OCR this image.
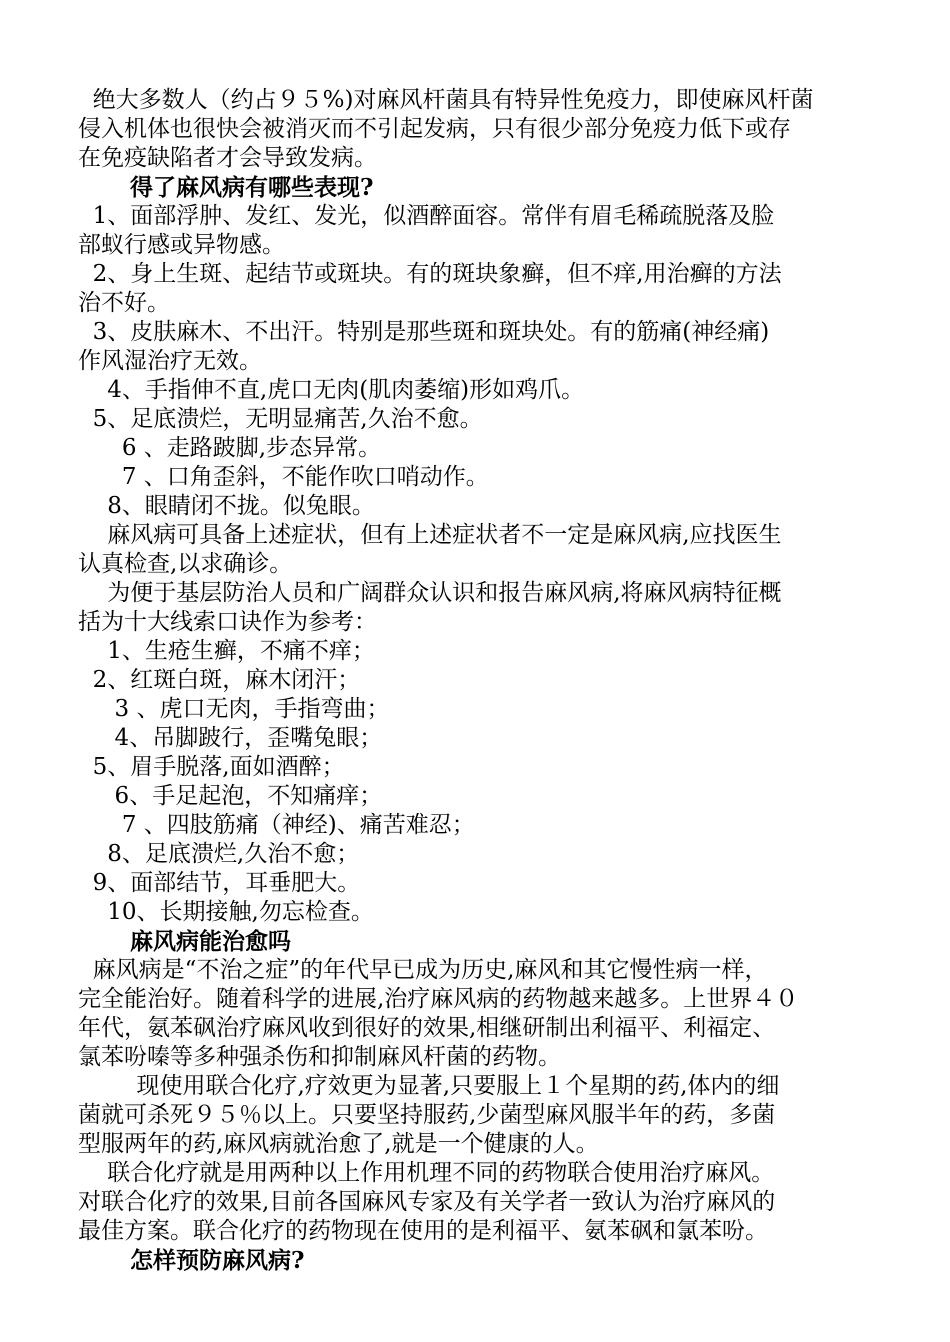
绝大多数人（约占９５%)对麻风杆菌具有特异性免疫力，即使麻风杆菌
侵入机体也很快会被消灭而不引起发病，只有很少部分免疫力低下或存
在免疫缺陷者才会导致发病。
得了麻风病有哪些表现?
1、面部浮肿、发红、发光，似酒醉面容。常伴有眉毛稀疏脱落及脸
部蚁行感或异物感。
2、身上生斑、起结节或斑块。有的斑块象癣，但不痒,用治癣的方法
治不好。
3、皮肤麻木、不出汗。特别是那些斑和斑块处。有的筋痛(神经痛)
作风湿治疗无效。
4、手指伸不直,虎口无肉(肌肉萎缩)形如鸡爪。
5、足底溃烂，无明显痛苦,久治不愈。
6 、走路跛脚,步态异常。
7 、口角歪斜，不能作吹口哨动作。
8、眼睛闭不拢。似兔眼。
麻风病可具备上述症状，但有上述症状者不一定是麻风病,应找医生
认真检查,以求确诊。
为便于基层防治人员和广阔群众认识和报告麻风病,将麻风病特征概
括为十大线索口诀作为参考：
1、生疮生癣，不痛不痒；
2、红斑白斑，麻木闭汗；
3 、虎口无肉，手指弯曲；
4、吊脚跛行，歪嘴兔眼；
5、眉手脱落,面如酒醉；
6、手足起泡，不知痛痒；
7 、四肢筋痛（神经)、痛苦难忍；
8、足底溃烂,久治不愈；
9、面部结节，耳垂肥大。
10、长期接触,勿忘检查。
麻风病能治愈吗
麻风病是“不治之症”的年代早已成为历史,麻风和其它慢性病一样，
完全能治好。随着科学的进展,治疗麻风病的药物越来越多。上世界４０
年代，氨苯砜治疗麻风收到很好的效果,相继研制出利福平、利福定、
氯苯吩嗪等多种强杀伤和抑制麻风杆菌的药物。
现使用联合化疗,疗效更为显著,只要服上１个星期的药,体内的细
菌就可杀死９５％以上。只要坚持服药,少菌型麻风服半年的药，多菌
型服两年的药,麻风病就治愈了,就是一个健康的人。
联合化疗就是用两种以上作用机理不同的药物联合使用治疗麻风。
对联合化疗的效果,目前各国麻风专家及有关学者一致认为治疗麻风的
最佳方案。联合化疗的药物现在使用的是利福平、氨苯砜和氯苯吩。
怎样预防麻风病?
